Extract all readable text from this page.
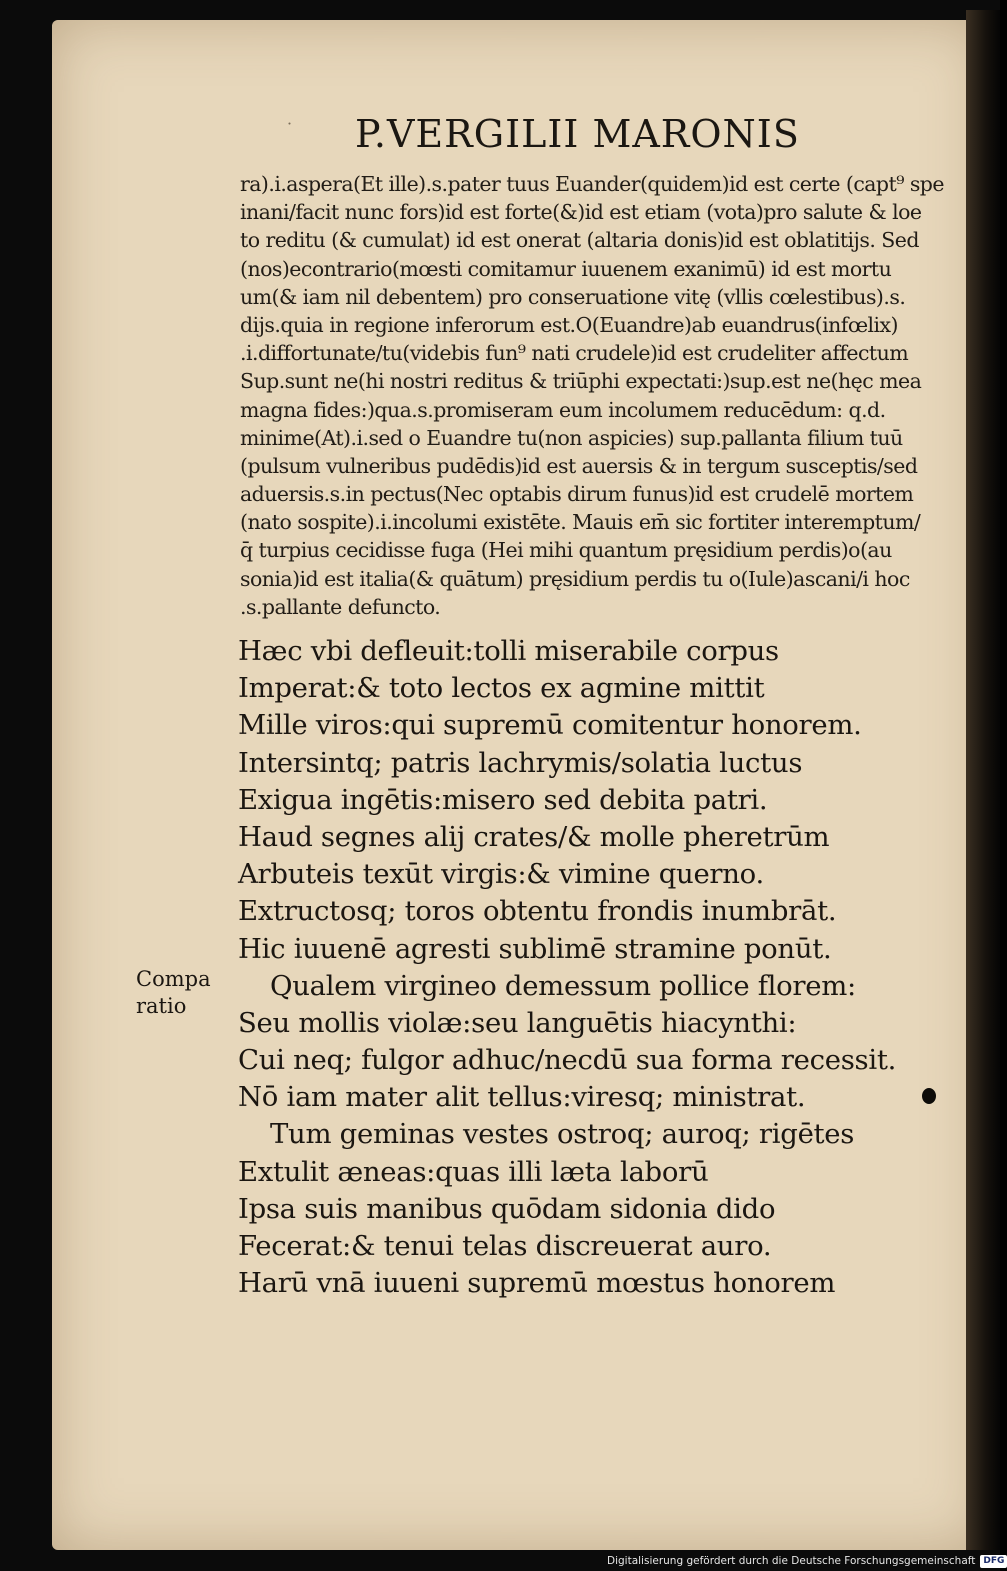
˙ P.VERGILII MARONIS
ra).i.aspera(Et ille).s.pater tuus Euander(quidem)id est certe (capt⁹ spe
inani/facit nunc fors)id est forte(&)id est etiam (vota)pro salute & loe
to reditu (& cumulat) id est onerat (altaria donis)id est oblatitijs. Sed
(nos)econtrario(mœsti comitamur iuuenem exanimū) id est mortu
um(& iam nil debentem) pro conseruatione vitę (vllis cœlestibus).s.
dijs.quia in regione inferorum est.O(Euandre)ab euandrus(infœlix)
.i.diffortunate/tu(videbis fun⁹ nati crudele)id est crudeliter affectum
Sup.sunt ne(hi nostri reditus & triūphi expectati:)sup.est ne(hęc mea
magna fides:)qua.s.promiseram eum incolumem reducēdum: q.d.
minime(At).i.sed o Euandre tu(non aspicies) sup.pallanta filium tuū
(pulsum vulneribus pudēdis)id est auersis & in tergum susceptis/sed
aduersis.s.in pectus(Nec optabis dirum funus)id est crudelē mortem
(nato sospite).i.incolumi existēte. Mauis em̄ sic fortiter interemptum/
q̄ turpius cecidisse fuga (Hei mihi quantum pręsidium perdis)o(au
sonia)id est italia(& quātum) pręsidium perdis tu o(Iule)ascani/i hoc
.s.pallante defuncto.
Hæc vbi defleuit:tolli miserabile corpus
Imperat:& toto lectos ex agmine mittit
Mille viros:qui supremū comitentur honorem.
Intersintq; patris lachrymis/solatia luctus
Exigua ingētis:misero sed debita patri.
Haud segnes alij crates/& molle pheretrūm
Arbuteis texūt virgis:& vimine querno.
Extructosq; toros obtentu frondis inumbrāt.
Hic iuuenē agresti sublimē stramine ponūt.
Qualem virgineo demessum pollice florem:
Seu mollis violæ:seu languētis hiacynthi:
Cui neq; fulgor adhuc/necdū sua forma recessit.
Nō iam mater alit tellus:viresq; ministrat.
Tum geminas vestes ostroq; auroq; rigētes
Extulit æneas:quas illi læta laborū
Ipsa suis manibus quōdam sidonia dido
Fecerat:& tenui telas discreuerat auro.
Harū vnā iuueni supremū mœstus honorem
Compa
ratio
Digitalisierung gefördert durch die Deutsche Forschungsgemeinschaft DFG
